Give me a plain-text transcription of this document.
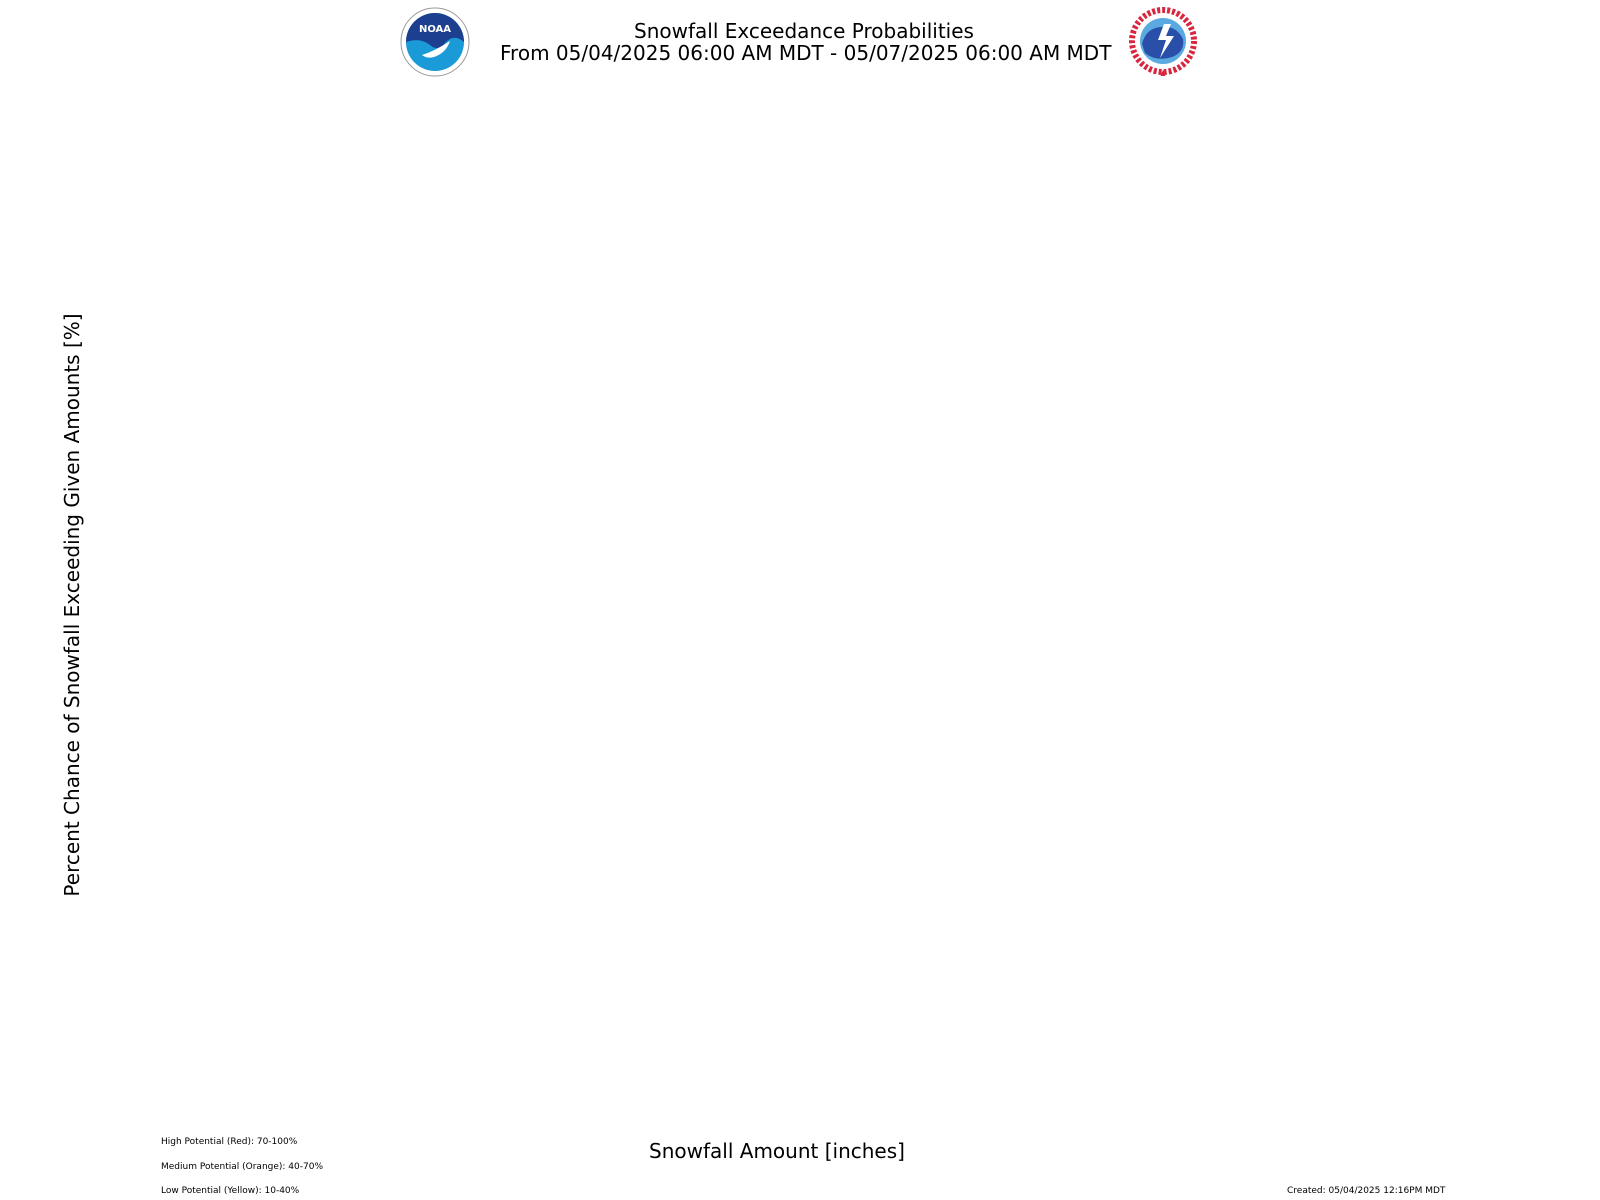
NOAA	Snowfall Exceedance Probabilities
From 05/04/2025 06:00 AM MDT - 05/07/2025 06:00 AM MDT
Percent Chance of Snowfall Exceeding Given Amounts [%]
Snowfall Amount [inches]
High Potential (Red): 70-100%
Medium Potential (Orange): 40-70%
Low Potential (Yellow): 10-40%	Created: 05/04/2025 12:16PM MDT
